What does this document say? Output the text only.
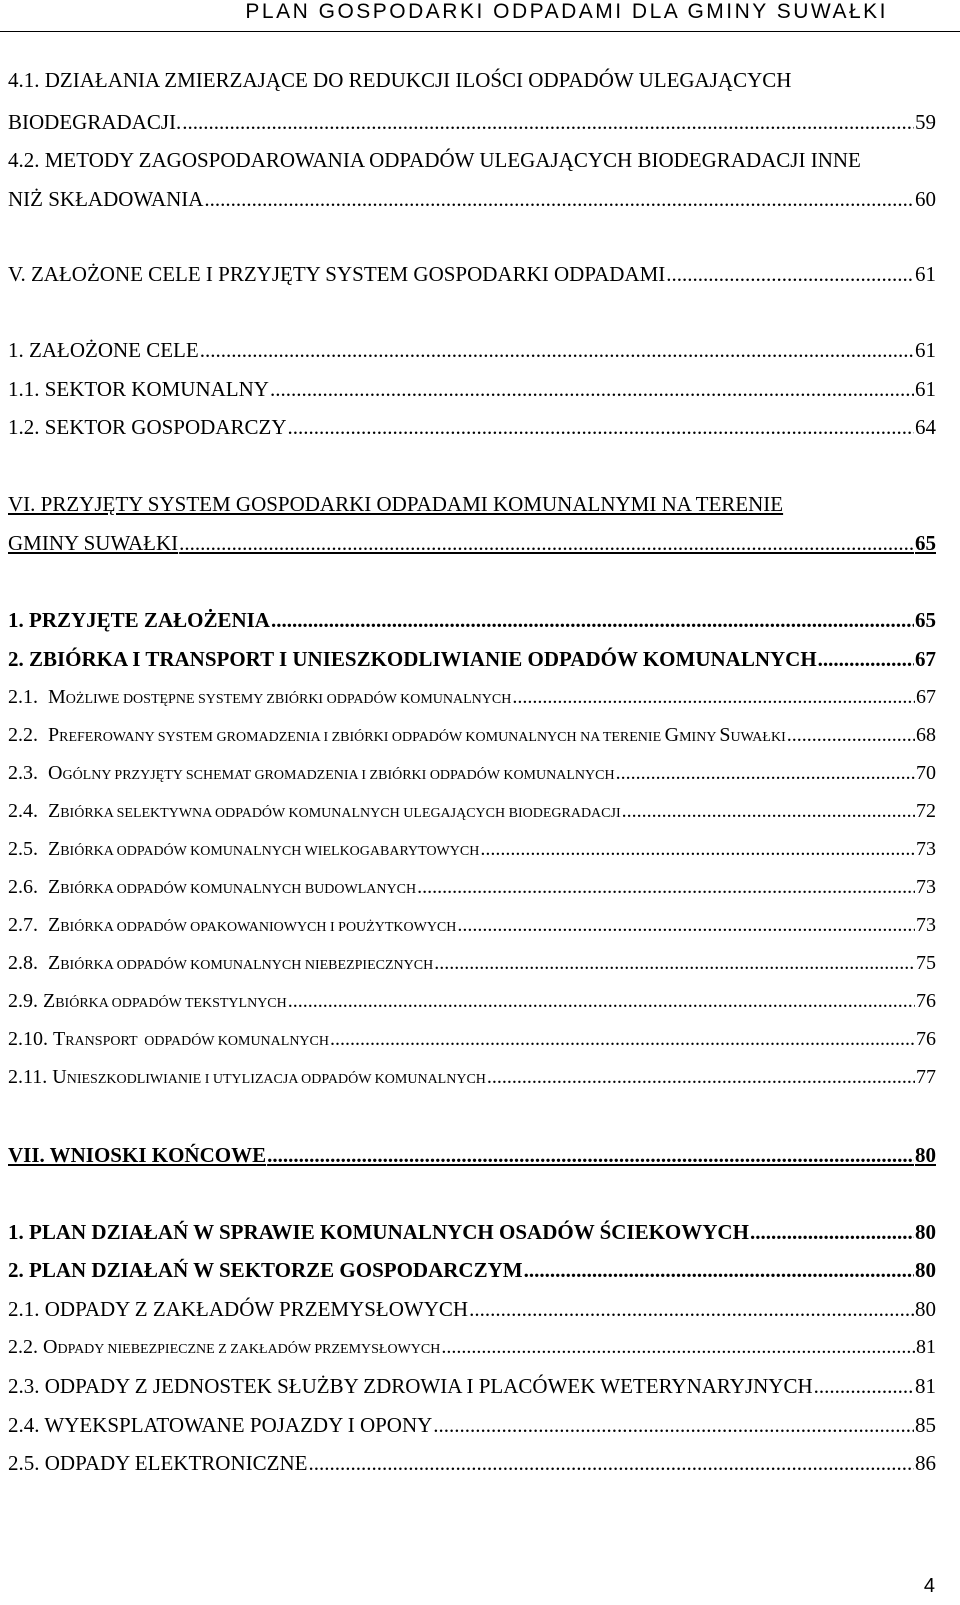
PLAN GOSPODARKI ODPADAMI DLA GMINY SUWAŁKI
4.1. DZIAŁANIA ZMIERZAJĄCE DO REDUKCJI ILOŚCI ODPADÓW ULEGAJĄCYCH
BIODEGRADACJI. .....	59
4.2. METODY ZAGOSPODAROWANIA ODPADÓW ULEGAJĄCYCH BIODEGRADACJI INNE
NIŻ SKŁADOWANIA .....	60
V. ZAŁOŻONE CELE I PRZYJĘTY SYSTEM GOSPODARKI ODPADAMI .....	61
1. ZAŁOŻONE CELE .....	61
1.1. SEKTOR KOMUNALNY .....	61
1.2. SEKTOR GOSPODARCZY .....	64
VI. PRZYJĘTY SYSTEM GOSPODARKI ODPADAMI KOMUNALNYMI NA TERENIE
GMINY SUWAŁKI .....	65
1. PRZYJĘTE ZAŁOŻENIA .....	65
2. ZBIÓRKA I TRANSPORT I UNIESZKODLIWIANIE ODPADÓW KOMUNALNYCH .....	67
2.1. MOŻLIWE DOSTĘPNE SYSTEMY ZBIÓRKI ODPADÓW KOMUNALNYCH .....	67
2.2. PREFEROWANY SYSTEM GROMADZENIA I ZBIÓRKI ODPADÓW KOMUNALNYCH NA TERENIE GMINY SUWAŁKI .....	68
2.3. OGÓLNY PRZYJĘTY SCHEMAT GROMADZENIA I ZBIÓRKI ODPADÓW KOMUNALNYCH .....	70
2.4. ZBIÓRKA SELEKTYWNA ODPADÓW KOMUNALNYCH ULEGAJĄCYCH BIODEGRADACJI .....	72
2.5. ZBIÓRKA ODPADÓW KOMUNALNYCH WIELKOGABARYTOWYCH .....	73
2.6. ZBIÓRKA ODPADÓW KOMUNALNYCH BUDOWLANYCH .....	73
2.7. ZBIÓRKA ODPADÓW OPAKOWANIOWYCH I POUŻYTKOWYCH .....	73
2.8. ZBIÓRKA ODPADÓW KOMUNALNYCH NIEBEZPIECZNYCH .....	75
2.9. ZBIÓRKA ODPADÓW TEKSTYLNYCH .....	76
2.10. TRANSPORT  ODPADÓW KOMUNALNYCH .....	76
2.11. UNIESZKODLIWIANIE I UTYLIZACJA ODPADÓW KOMUNALNYCH .....	77
VII. WNIOSKI KOŃCOWE .....	80
1. PLAN DZIAŁAŃ W SPRAWIE KOMUNALNYCH OSADÓW ŚCIEKOWYCH .....	80
2. PLAN DZIAŁAŃ W SEKTORZE GOSPODARCZYM .....	80
2.1. ODPADY Z ZAKŁADÓW PRZEMYSŁOWYCH .....	80
2.2. ODPADY NIEBEZPIECZNE Z ZAKŁADÓW PRZEMYSŁOWYCH .....	81
2.3. ODPADY Z JEDNOSTEK SŁUŻBY ZDROWIA I PLACÓWEK WETERYNARYJNYCH .....	81
2.4. WYEKSPLATOWANE POJAZDY I OPONY .....	85
2.5. ODPADY ELEKTRONICZNE .....	86
4
